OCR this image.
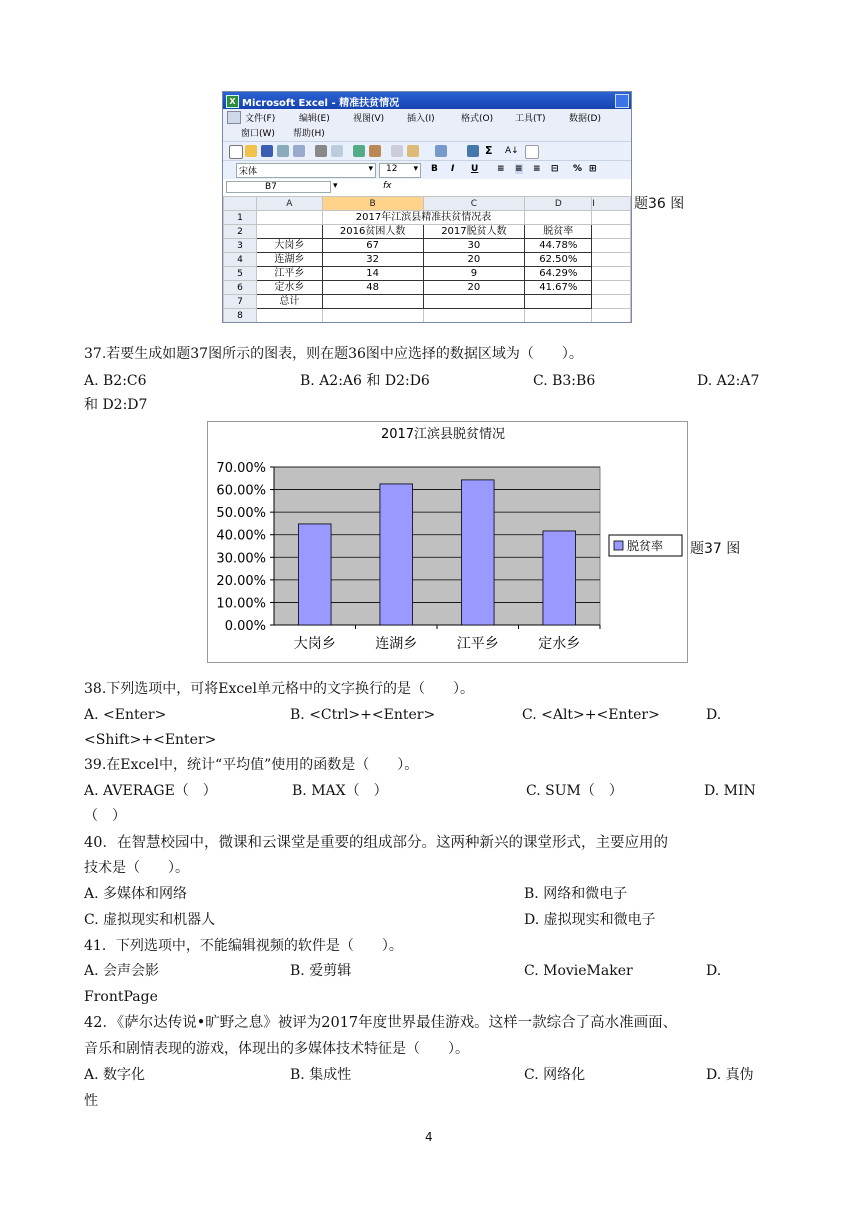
X Microsoft Excel - 精准扶贫情况
文件(F)	编辑(E)	视图(V)	插入(I)	格式(O) 工具(T)	数据(D)
窗口(W) 帮助(H)
Σ	A↓
宋体	▾	12 ▾ B I U ≡ ≡ ≡ ⊟ % ⊞
B7	▾	fx
	A	B	C	D	I
1		2017年江滨县精准扶贫情况表			
2		2016贫困人数	2017脱贫人数	脱贫率	
3	大岗乡	67	30	44.78%	
4	连湖乡	32	20	62.50%	
5	江平乡	14	9	64.29%	
6	定水乡	48	20	41.67%	
7	总计				
8					
题36 图
37.若要生成如题37图所示的图表，则在题36图中应选择的数据区域为（　　）。
A. B2:C6	B. A2:A6 和 D2:D6	C. B3:B6	D. A2:A7
和 D2:D7
2017江滨县脱贫情况
0.00%
10.00%
20.00%
30.00%
40.00%
50.00%
60.00%
70.00%
大岗乡	连湖乡	江平乡	定水乡
脱贫率 题37 图
38.下列选项中，可将Excel单元格中的文字换行的是（　　）。
A. <Enter>	B. <Ctrl>+<Enter>	C. <Alt>+<Enter>	D.
<Shift>+<Enter>
39.在Excel中，统计“平均值”使用的函数是（　　）。
A. AVERAGE（　）	B. MAX（　）	C. SUM（　）	D. MIN
（　）
40．在智慧校园中，微课和云课堂是重要的组成部分。这两种新兴的课堂形式，主要应用的
技术是（　　）。
A. 多媒体和网络	B. 网络和微电子
C. 虚拟现实和机器人	D. 虚拟现实和微电子
41．下列选项中，不能编辑视频的软件是（　　）。
A. 会声会影	B. 爱剪辑	C. MovieMaker	D.
FrontPage
42．《萨尔达传说•旷野之息》被评为2017年度世界最佳游戏。这样一款综合了高水准画面、
音乐和剧情表现的游戏，体现出的多媒体技术特征是（　　）。
A. 数字化	B. 集成性	C. 网络化	D. 真伪
性
4
